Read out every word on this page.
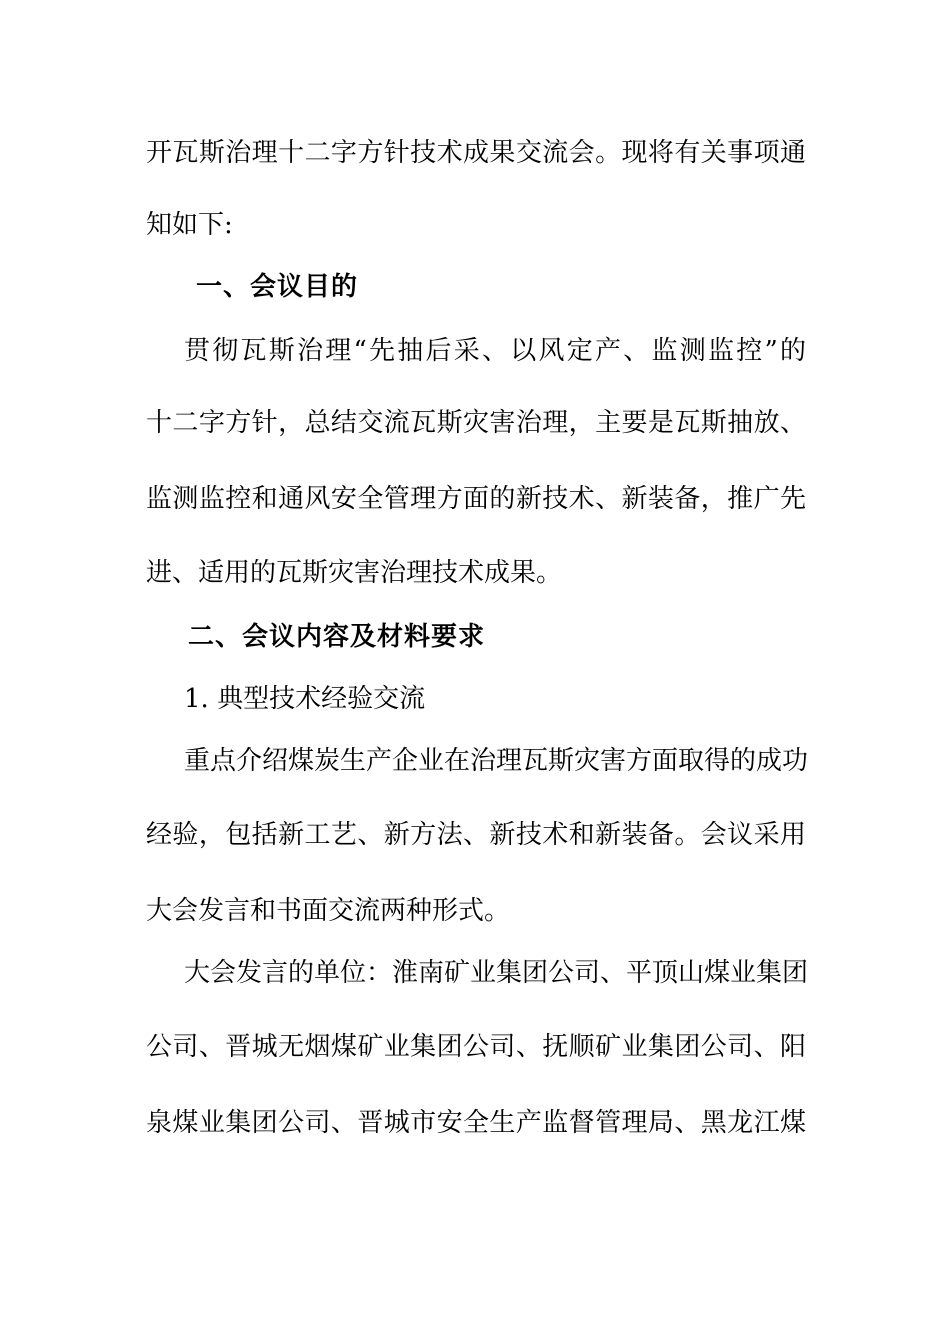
开瓦斯治理十二字方针技术成果交流会。现将有关事项通
知如下:
一、会议目的
贯彻瓦斯治理“先抽后采、以风定产、监测监控”的
十二字方针，总结交流瓦斯灾害治理，主要是瓦斯抽放、
监测监控和通风安全管理方面的新技术、新装备，推广先
进、适用的瓦斯灾害治理技术成果。
二、会议内容及材料要求
1. 典型技术经验交流
重点介绍煤炭生产企业在治理瓦斯灾害方面取得的成功
经验，包括新工艺、新方法、新技术和新装备。会议采用
大会发言和书面交流两种形式。
大会发言的单位：淮南矿业集团公司、平顶山煤业集团
公司、晋城无烟煤矿业集团公司、抚顺矿业集团公司、阳
泉煤业集团公司、晋城市安全生产监督管理局、黑龙江煤
